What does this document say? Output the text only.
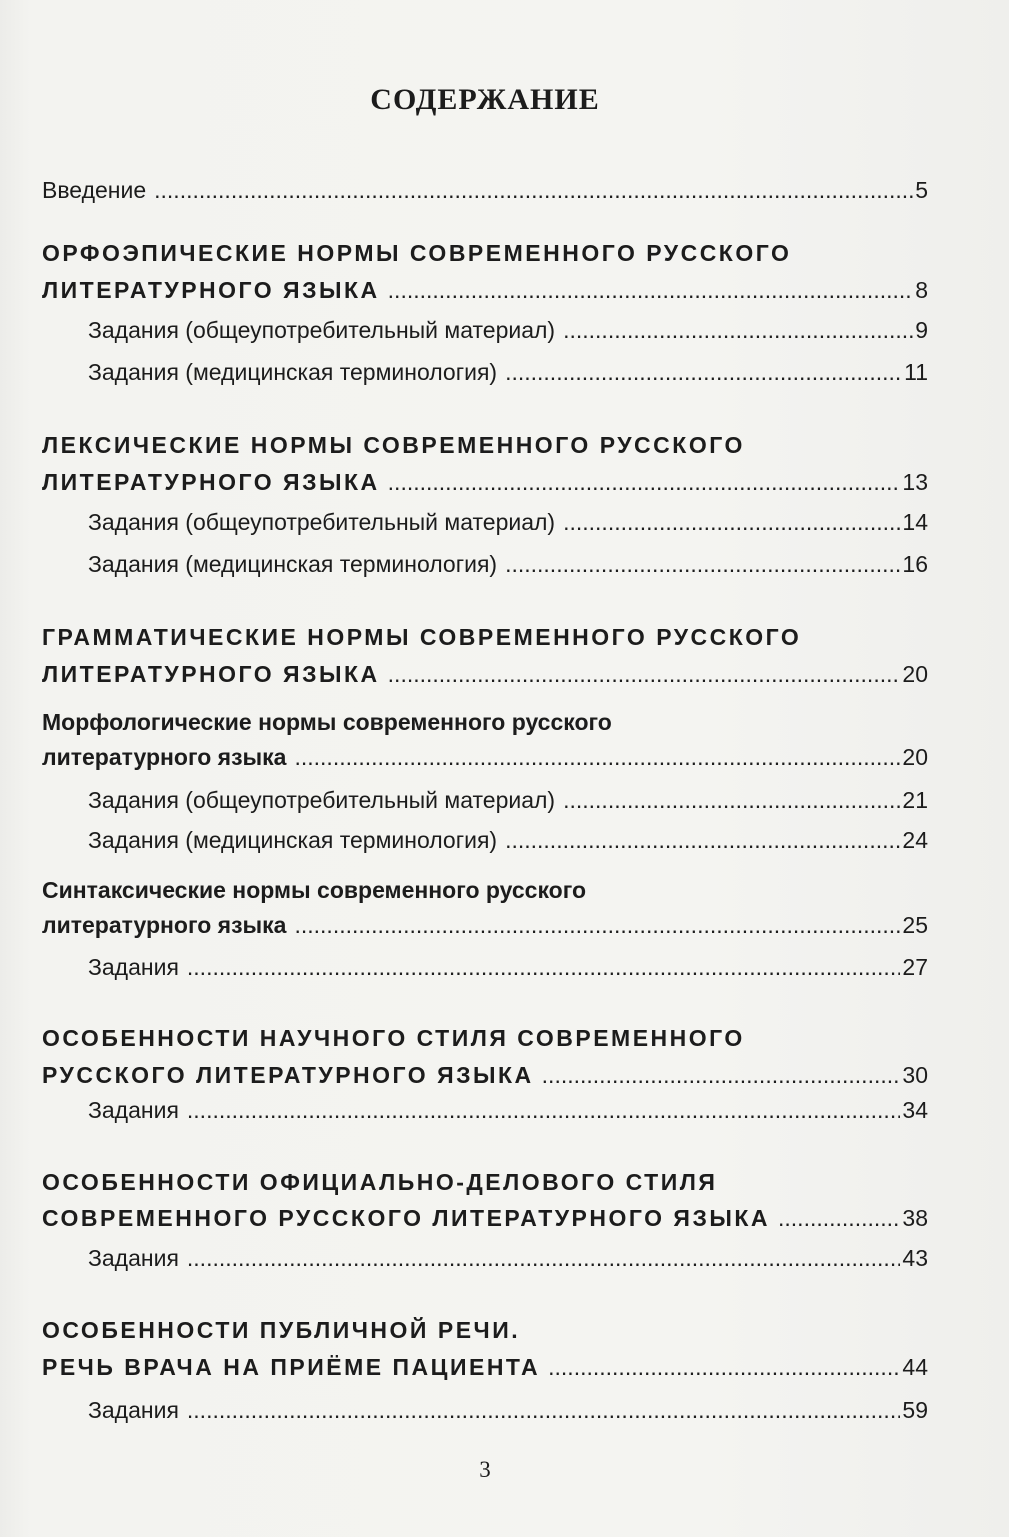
СОДЕРЖАНИЕ
Введение .....	5
ОРФОЭПИЧЕСКИЕ НОРМЫ СОВРЕМЕННОГО РУССКОГО
ЛИТЕРАТУРНОГО ЯЗЫКА .....	8
Задания (общеупотребительный материал) .....	9
Задания (медицинская терминология) .....	11
ЛЕКСИЧЕСКИЕ НОРМЫ СОВРЕМЕННОГО РУССКОГО
ЛИТЕРАТУРНОГО ЯЗЫКА .....	13
Задания (общеупотребительный материал) .....	14
Задания (медицинская терминология) .....	16
ГРАММАТИЧЕСКИЕ НОРМЫ СОВРЕМЕННОГО РУССКОГО
ЛИТЕРАТУРНОГО ЯЗЫКА .....	20
Морфологические нормы современного русского
литературного языка .....	20
Задания (общеупотребительный материал) .....	21
Задания (медицинская терминология) .....	24
Синтаксические нормы современного русского
литературного языка .....	25
Задания .....	27
ОСОБЕННОСТИ НАУЧНОГО СТИЛЯ СОВРЕМЕННОГО
РУССКОГО ЛИТЕРАТУРНОГО ЯЗЫКА .....	30
Задания .....	34
ОСОБЕННОСТИ ОФИЦИАЛЬНО-ДЕЛОВОГО СТИЛЯ
СОВРЕМЕННОГО РУССКОГО ЛИТЕРАТУРНОГО ЯЗЫКА .....	38
Задания .....	43
ОСОБЕННОСТИ ПУБЛИЧНОЙ РЕЧИ.
РЕЧЬ ВРАЧА НА ПРИЁМЕ ПАЦИЕНТА .....	44
Задания .....	59
3
